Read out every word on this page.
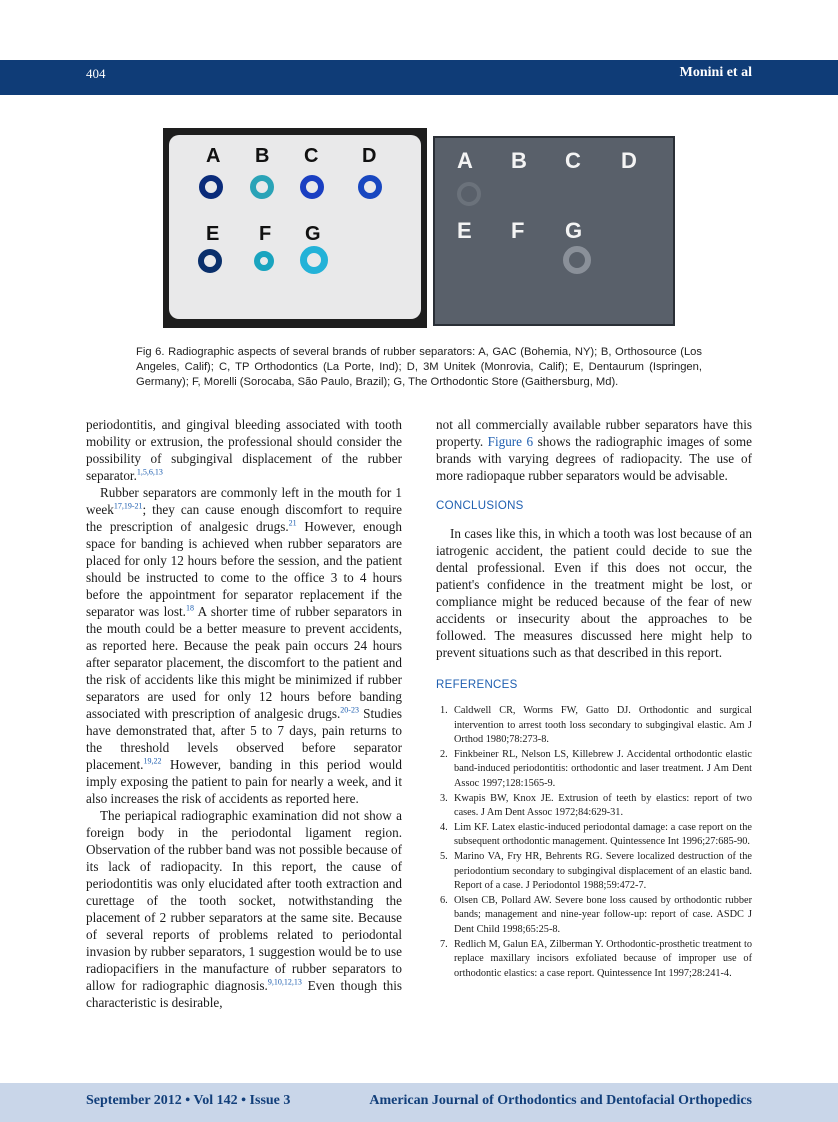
404	Monini et al
A B C D
E F G
A B C D
E F G
Fig 6. Radiographic aspects of several brands of rubber separators: A, GAC (Bohemia, NY); B, Orthosource (Los Angeles, Calif); C, TP Orthodontics (La Porte, Ind); D, 3M Unitek (Monrovia, Calif); E, Dentaurum (Ispringen, Germany); F, Morelli (Sorocaba, São Paulo, Brazil); G, The Orthodontic Store (Gaithersburg, Md).

periodontitis, and gingival bleeding associated with tooth mobility or extrusion, the professional should consider the possibility of subgingival displacement of the rubber separator.$^{1,5,6,13}$

Rubber separators are commonly left in the mouth for 1 week$^{17,19-21}$; they can cause enough discomfort to require the prescription of analgesic drugs.$^{21}$ However, enough space for banding is achieved when rubber separators are placed for only 12 hours before the session, and the patient should be instructed to come to the office 3 to 4 hours before the appointment for separator replacement if the separator was lost.$^{18}$ A shorter time of rubber separators in the mouth could be a better measure to prevent accidents, as reported here. Because the peak pain occurs 24 hours after separator placement, the discomfort to the patient and the risk of accidents like this might be minimized if rubber separators are used for only 12 hours before banding associated with prescription of analgesic drugs.$^{20-23}$ Studies have demonstrated that, after 5 to 7 days, pain returns to the threshold levels observed before separator placement.$^{19,22}$ However, banding in this period would imply exposing the patient to pain for nearly a week, and it also increases the risk of accidents as reported here.

The periapical radiographic examination did not show a foreign body in the periodontal ligament region. Observation of the rubber band was not possible because of its lack of radiopacity. In this report, the cause of periodontitis was only elucidated after tooth extraction and curettage of the tooth socket, notwithstanding the placement of 2 rubber separators at the same site. Because of several reports of problems related to periodontal invasion by rubber separators, 1 suggestion would be to use radiopacifiers in the manufacture of rubber separators to allow for radiographic diagnosis.$^{9,10,12,13}$ Even though this characteristic is desirable,

not all commercially available rubber separators have this property. Figure 6 shows the radiographic images of some brands with varying degrees of radiopacity. The use of more radiopaque rubber separators would be advisable.

CONCLUSIONS

In cases like this, in which a tooth was lost because of an iatrogenic accident, the patient could decide to sue the dental professional. Even if this does not occur, the patient's confidence in the treatment might be lost, or compliance might be reduced because of the fear of new accidents or insecurity about the approaches to be followed. The measures discussed here might help to prevent situations such as that described in this report.

REFERENCES
1. Caldwell CR, Worms FW, Gatto DJ. Orthodontic and surgical intervention to arrest tooth loss secondary to subgingival elastic. Am J Orthod 1980;78:273-8.
2. Finkbeiner RL, Nelson LS, Killebrew J. Accidental orthodontic elastic band-induced periodontitis: orthodontic and laser treatment. J Am Dent Assoc 1997;128:1565-9.
3. Kwapis BW, Knox JE. Extrusion of teeth by elastics: report of two cases. J Am Dent Assoc 1972;84:629-31.
4. Lim KF. Latex elastic-induced periodontal damage: a case report on the subsequent orthodontic management. Quintessence Int 1996;27:685-90.
5. Marino VA, Fry HR, Behrents RG. Severe localized destruction of the periodontium secondary to subgingival displacement of an elastic band. Report of a case. J Periodontol 1988;59:472-7.
6. Olsen CB, Pollard AW. Severe bone loss caused by orthodontic rubber bands; management and nine-year follow-up: report of case. ASDC J Dent Child 1998;65:25-8.
7. Redlich M, Galun EA, Zilberman Y. Orthodontic-prosthetic treatment to replace maxillary incisors exfoliated because of improper use of orthodontic elastics: a case report. Quintessence Int 1997;28:241-4.
September 2012 • Vol 142 • Issue 3	American Journal of Orthodontics and Dentofacial Orthopedics
